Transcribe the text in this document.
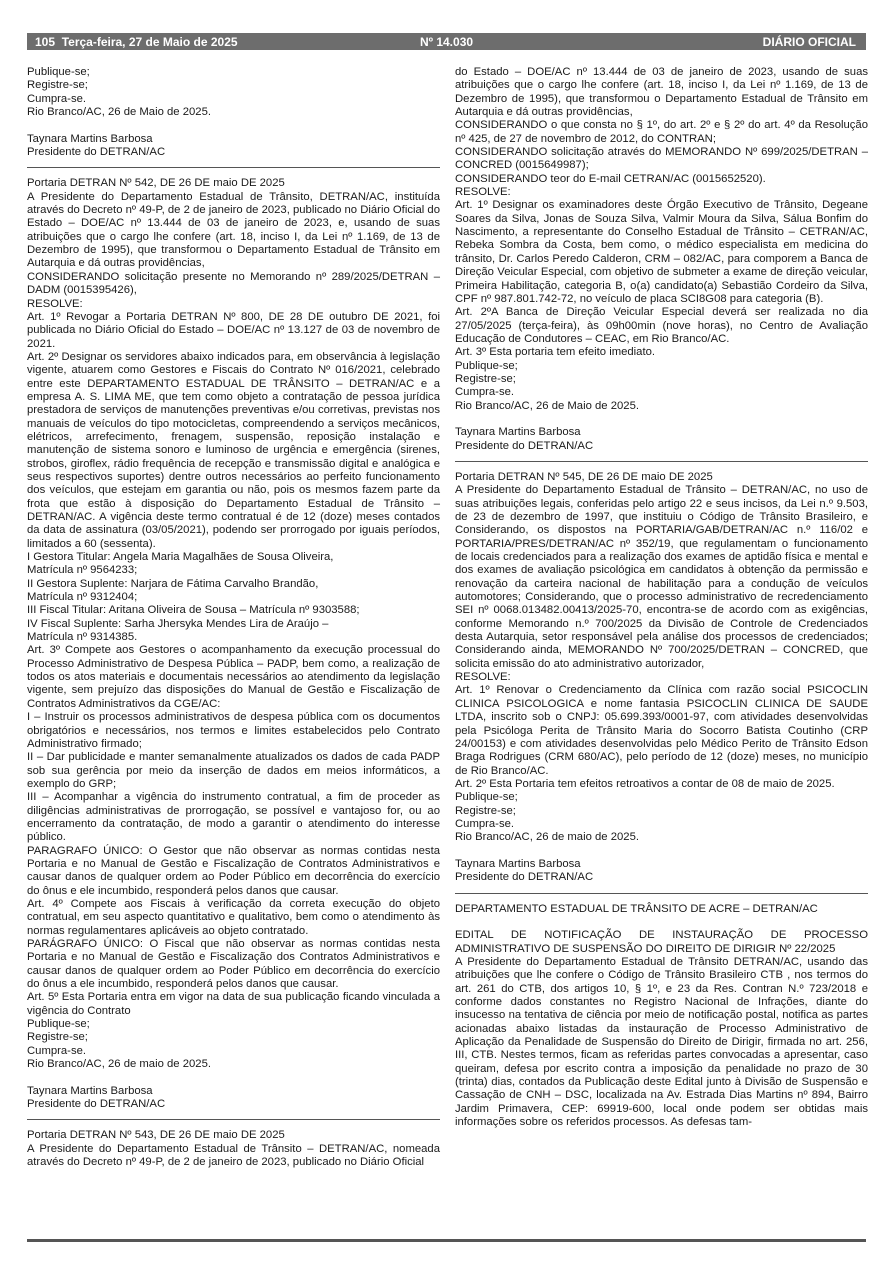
105 Terça-feira, 27 de Maio de 2025	Nº 14.030	DIÁRIO OFICIAL
Publique-se;
Registre-se;
Cumpra-se.
Rio Branco/AC, 26 de Maio de 2025.
Taynara Martins Barbosa
Presidente do DETRAN/AC
Portaria DETRAN Nº 542, DE 26 DE maio DE 2025
A Presidente do Departamento Estadual de Trânsito, DETRAN/AC, instituída através do Decreto nº 49-P, de 2 de janeiro de 2023, publicado no Diário Oficial do Estado – DOE/AC nº 13.444 de 03 de janeiro de 2023, e, usando de suas atribuições que o cargo lhe confere (art. 18, inciso I, da Lei nº 1.169, de 13 de Dezembro de 1995), que transformou o Departamento Estadual de Trânsito em Autarquia e dá outras providências,
CONSIDERANDO solicitação presente no Memorando nº 289/2025/DETRAN – DADM (0015395426),
RESOLVE:
Art. 1º Revogar a Portaria DETRAN Nº 800, DE 28 DE outubro DE 2021, foi publicada no Diário Oficial do Estado – DOE/AC nº 13.127 de 03 de novembro de 2021.
Art. 2º Designar os servidores abaixo indicados para, em observância à legislação vigente, atuarem como Gestores e Fiscais do Contrato Nº 016/2021, celebrado entre este DEPARTAMENTO ESTADUAL DE TRÂNSITO – DETRAN/AC e a empresa A. S. LIMA ME, que tem como objeto a contratação de pessoa jurídica prestadora de serviços de manutenções preventivas e/ou corretivas, previstas nos manuais de veículos do tipo motocicletas, compreendendo a serviços mecânicos, elétricos, arrefecimento, frenagem, suspensão, reposição instalação e manutenção de sistema sonoro e luminoso de urgência e emergência (sirenes, strobos, giroflex, rádio frequência de recepção e transmissão digital e analógica e seus respectivos suportes) dentre outros necessários ao perfeito funcionamento dos veículos, que estejam em garantia ou não, pois os mesmos fazem parte da frota que estão à disposição do Departamento Estadual de Trânsito – DETRAN/AC. A vigência deste termo contratual é de 12 (doze) meses contados da data de assinatura (03/05/2021), podendo ser prorrogado por iguais períodos, limitados a 60 (sessenta).
I Gestora Titular: Angela Maria Magalhães de Sousa Oliveira,
Matrícula nº 9564233;
II Gestora Suplente: Narjara de Fátima Carvalho Brandão,
Matrícula nº 9312404;
III Fiscal Titular: Aritana Oliveira de Sousa – Matrícula nº 9303588;
IV Fiscal Suplente: Sarha Jhersyka Mendes Lira de Araújo –
Matrícula nº 9314385.
Art. 3º Compete aos Gestores o acompanhamento da execução processual do Processo Administrativo de Despesa Pública – PADP, bem como, a realização de todos os atos materiais e documentais necessários ao atendimento da legislação vigente, sem prejuízo das disposições do Manual de Gestão e Fiscalização de Contratos Administrativos da CGE/AC:
I – Instruir os processos administrativos de despesa pública com os documentos obrigatórios e necessários, nos termos e limites estabelecidos pelo Contrato Administrativo firmado;
II – Dar publicidade e manter semanalmente atualizados os dados de cada PADP sob sua gerência por meio da inserção de dados em meios informáticos, a exemplo do GRP;
III – Acompanhar a vigência do instrumento contratual, a fim de proceder as diligências administrativas de prorrogação, se possível e vantajoso for, ou ao encerramento da contratação, de modo a garantir o atendimento do interesse público.
PARAGRAFO ÚNICO: O Gestor que não observar as normas contidas nesta Portaria e no Manual de Gestão e Fiscalização de Contratos Administrativos e causar danos de qualquer ordem ao Poder Público em decorrência do exercício do ônus e ele incumbido, responderá pelos danos que causar.
Art. 4º Compete aos Fiscais à verificação da correta execução do objeto contratual, em seu aspecto quantitativo e qualitativo, bem como o atendimento às normas regulamentares aplicáveis ao objeto contratado.
PARÁGRAFO ÚNICO: O Fiscal que não observar as normas contidas nesta Portaria e no Manual de Gestão e Fiscalização dos Contratos Administrativos e causar danos de qualquer ordem ao Poder Público em decorrência do exercício do ônus a ele incumbido, responderá pelos danos que causar.
Art. 5º Esta Portaria entra em vigor na data de sua publicação ficando vinculada a vigência do Contrato
Publique-se;
Registre-se;
Cumpra-se.
Rio Branco/AC, 26 de maio de 2025.
Taynara Martins Barbosa
Presidente do DETRAN/AC
Portaria DETRAN Nº 543, DE 26 DE maio DE 2025
A Presidente do Departamento Estadual de Trânsito – DETRAN/AC, nomeada através do Decreto nº 49-P, de 2 de janeiro de 2023, publicado no Diário Oficial
do Estado – DOE/AC nº 13.444 de 03 de janeiro de 2023, usando de suas atribuições que o cargo lhe confere (art. 18, inciso I, da Lei nº 1.169, de 13 de Dezembro de 1995), que transformou o Departamento Estadual de Trânsito em Autarquia e dá outras providências,
CONSIDERANDO o que consta no § 1º, do art. 2º e § 2º do art. 4º da Resolução nº 425, de 27 de novembro de 2012, do CONTRAN;
CONSIDERANDO solicitação através do MEMORANDO Nº 699/2025/DETRAN – CONCRED (0015649987);
CONSIDERANDO teor do E-mail CETRAN/AC (0015652520).
RESOLVE:
Art. 1º Designar os examinadores deste Órgão Executivo de Trânsito, Degeane Soares da Silva, Jonas de Souza Silva, Valmir Moura da Silva, Sálua Bonfim do Nascimento, a representante do Conselho Estadual de Trânsito – CETRAN/AC, Rebeka Sombra da Costa, bem como, o médico especialista em medicina do trânsito, Dr. Carlos Peredo Calderon, CRM – 082/AC, para comporem a Banca de Direção Veicular Especial, com objetivo de submeter a exame de direção veicular, Primeira Habilitação, categoria B, o(a) candidato(a) Sebastião Cordeiro da Silva, CPF nº 987.801.742-72, no veículo de placa SCI8G08 para categoria (B).
Art. 2ºA Banca de Direção Veicular Especial deverá ser realizada no dia 27/05/2025 (terça-feira), às 09h00min (nove horas), no Centro de Avaliação Educação de Condutores – CEAC, em Rio Branco/AC.
Art. 3º Esta portaria tem efeito imediato.
Publique-se;
Registre-se;
Cumpra-se.
Rio Branco/AC, 26 de Maio de 2025.
Taynara Martins Barbosa
Presidente do DETRAN/AC
Portaria DETRAN Nº 545, DE 26 DE maio DE 2025
A Presidente do Departamento Estadual de Trânsito – DETRAN/AC, no uso de suas atribuições legais, conferidas pelo artigo 22 e seus incisos, da Lei n.º 9.503, de 23 de dezembro de 1997, que instituiu o Código de Trânsito Brasileiro, e Considerando, os dispostos na PORTARIA/GAB/DETRAN/AC n.º 116/02 e PORTARIA/PRES/DETRAN/AC nº 352/19, que regulamentam o funcionamento de locais credenciados para a realização dos exames de aptidão física e mental e dos exames de avaliação psicológica em candidatos à obtenção da permissão e renovação da carteira nacional de habilitação para a condução de veículos automotores; Considerando, que o processo administrativo de recredenciamento SEI nº 0068.013482.00413/2025-70, encontra-se de acordo com as exigências, conforme Memorando n.º 700/2025 da Divisão de Controle de Credenciados desta Autarquia, setor responsável pela análise dos processos de credenciados; Considerando ainda, MEMORANDO Nº 700/2025/DETRAN – CONCRED, que solicita emissão do ato administrativo autorizador,
RESOLVE:
Art. 1º Renovar o Credenciamento da Clínica com razão social PSICOCLIN CLINICA PSICOLOGICA e nome fantasia PSICOCLIN CLINICA DE SAUDE LTDA, inscrito sob o CNPJ: 05.699.393/0001-97, com atividades desenvolvidas pela Psicóloga Perita de Trânsito Maria do Socorro Batista Coutinho (CRP 24/00153) e com atividades desenvolvidas pelo Médico Perito de Trânsito Edson Braga Rodrigues (CRM 680/AC), pelo período de 12 (doze) meses, no município de Rio Branco/AC.
Art. 2º Esta Portaria tem efeitos retroativos a contar de 08 de maio de 2025.
Publique-se;
Registre-se;
Cumpra-se.
Rio Branco/AC, 26 de maio de 2025.
Taynara Martins Barbosa
Presidente do DETRAN/AC
DEPARTAMENTO ESTADUAL DE TRÂNSITO DE ACRE – DETRAN/AC
EDITAL DE NOTIFICAÇÃO DE INSTAURAÇÃO DE PROCESSO ADMINISTRATIVO DE SUSPENSÃO DO DIREITO DE DIRIGIR Nº 22/2025
A Presidente do Departamento Estadual de Trânsito DETRAN/AC, usando das atribuições que lhe confere o Código de Trânsito Brasileiro CTB , nos termos do art. 261 do CTB, dos artigos 10, § 1º, e 23 da Res. Contran N.º 723/2018 e conforme dados constantes no Registro Nacional de Infrações, diante do insucesso na tentativa de ciência por meio de notificação postal, notifica as partes acionadas abaixo listadas da instauração de Processo Administrativo de Aplicação da Penalidade de Suspensão do Direito de Dirigir, firmada no art. 256, III, CTB. Nestes termos, ficam as referidas partes convocadas a apresentar, caso queiram, defesa por escrito contra a imposição da penalidade no prazo de 30 (trinta) dias, contados da Publicação deste Edital junto à Divisão de Suspensão e Cassação de CNH – DSC, localizada na Av. Estrada Dias Martins nº 894, Bairro Jardim Primavera, CEP: 69919-600, local onde podem ser obtidas mais informações sobre os referidos processos. As defesas tam-
